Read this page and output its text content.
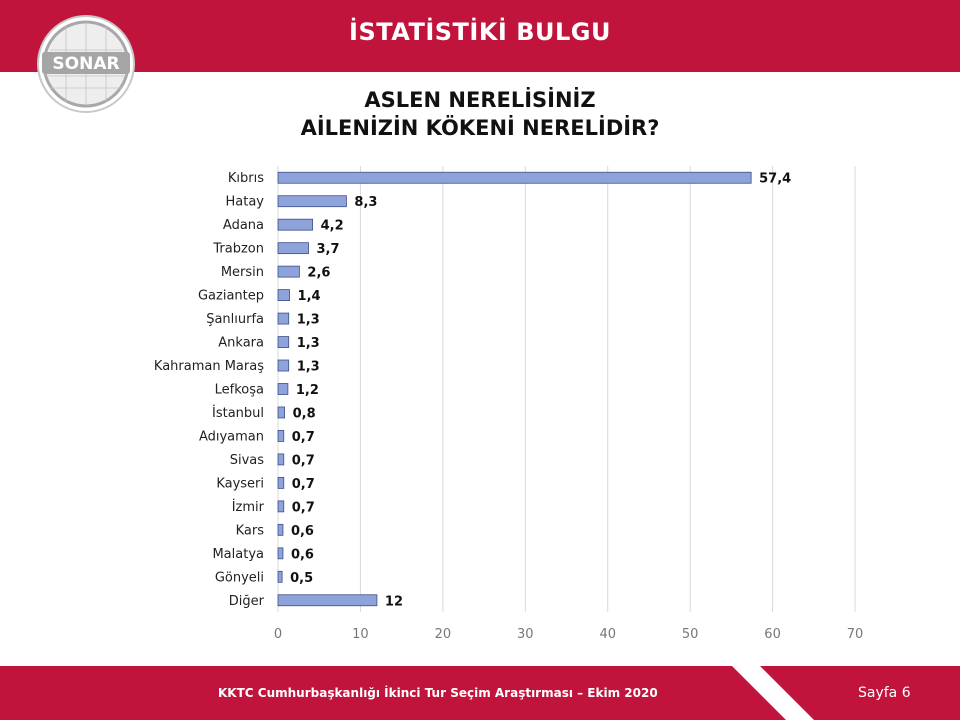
İSTATİSTİKİ BULGU
SONAR
ASLEN NERELİSİNİZ
AİLENİZİN KÖKENİ NERELİDİR?
0	10	20	30	40	50	60	70
Kıbrıs	57,4
Hatay	8,3
Adana	4,2
Trabzon	3,7
Mersin	2,6
Gaziantep	1,4
Şanlıurfa	1,3
Ankara	1,3
Kahraman Maraş	1,3
Lefkoşa 1,2
İstanbul 0,8
Adıyaman 0,7
Sivas 0,7
Kayseri 0,7
İzmir 0,7
Kars 0,6
Malatya 0,6
Gönyeli 0,5
Diğer	12
KKTC Cumhurbaşkanlığı İkinci Tur Seçim Araştırması – Ekim 2020	Sayfa 6
